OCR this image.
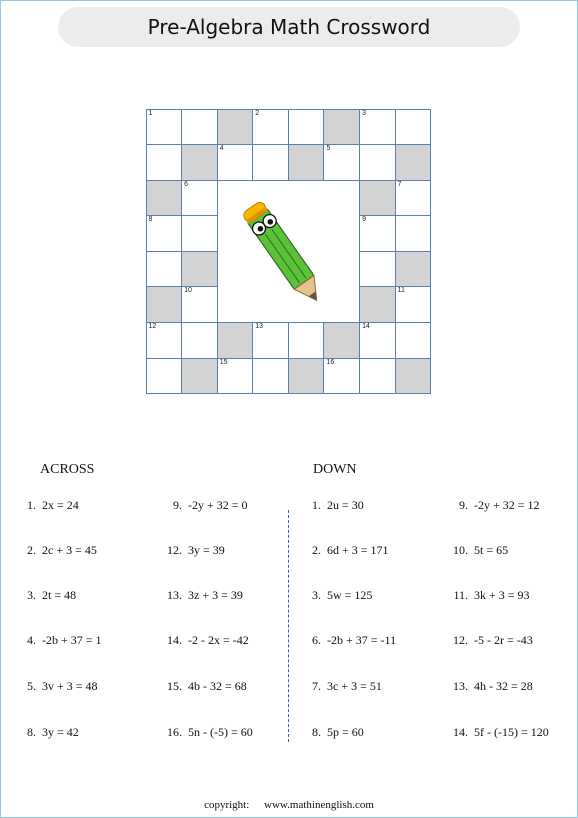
Pre-Algebra Math Crossword
1	2	3
4	5
6	7
8	9
10	11
12	13	14
15	16
ACROSS	DOWN
1. 2x = 24
2. 2c + 3 = 45
3. 2t = 48
4. -2b + 37 = 1
5. 3v + 3 = 48
8. 3y = 42
9. -2y + 32 = 0
12. 3y = 39
13. 3z + 3 = 39
14. -2 - 2x = -42
15. 4b - 32 = 68
16. 5n - (-5) = 60
1. 2u = 30
2. 6d + 3 = 171
3. 5w = 125
6. -2b + 37 = -11
7. 3c + 3 = 51
8. 5p = 60
9. -2y + 32 = 12
10. 5t = 65
11. 3k + 3 = 93
12. -5 - 2r = -43
13. 4h - 32 = 28
14. 5f - (-15) = 120
copyright: www.mathinenglish.com
